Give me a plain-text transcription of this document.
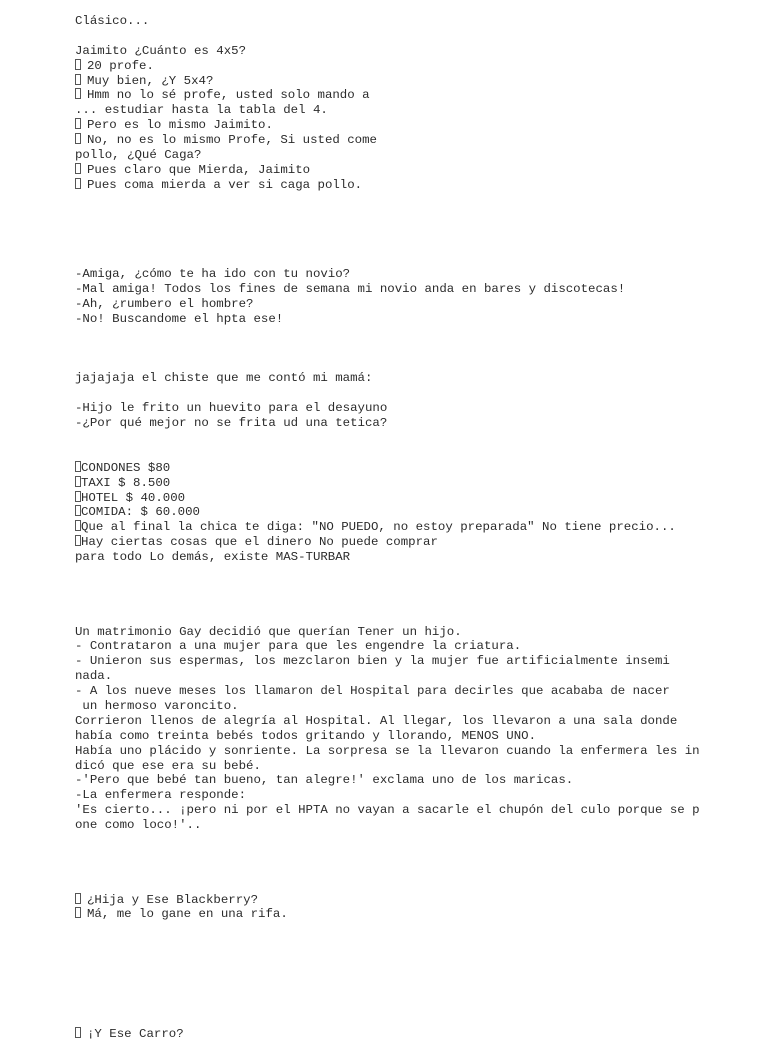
Clásico...
Jaimito ¿Cuánto es 4x5?
20 profe.
Muy bien, ¿Y 5x4?
Hmm no lo sé profe, usted solo mando a
... estudiar hasta la tabla del 4.
Pero es lo mismo Jaimito.
No, no es lo mismo Profe, Si usted come
pollo, ¿Qué Caga?
Pues claro que Mierda, Jaimito
Pues coma mierda a ver si caga pollo.
-Amiga, ¿cómo te ha ido con tu novio?
-Mal amiga! Todos los fines de semana mi novio anda en bares y discotecas!
-Ah, ¿rumbero el hombre?
-No! Buscandome el hpta ese!
jajajaja el chiste que me contó mi mamá:
-Hijo le frito un huevito para el desayuno
-¿Por qué mejor no se frita ud una tetica?
CONDONES $80
TAXI $ 8.500
HOTEL $ 40.000
COMIDA: $ 60.000
Que al final la chica te diga: "NO PUEDO, no estoy preparada" No tiene precio...
Hay ciertas cosas que el dinero No puede comprar
para todo Lo demás, existe MAS-TURBAR
Un matrimonio Gay decidió que querían Tener un hijo.
- Contrataron a una mujer para que les engendre la criatura.
- Unieron sus espermas, los mezclaron bien y la mujer fue artificialmente insemi
nada.
- A los nueve meses los llamaron del Hospital para decirles que acababa de nacer
un hermoso varoncito.
Corrieron llenos de alegría al Hospital. Al llegar, los llevaron a una sala donde
había como treinta bebés todos gritando y llorando, MENOS UNO.
Había uno plácido y sonriente. La sorpresa se la llevaron cuando la enfermera les in
dicó que ese era su bebé.
-'Pero que bebé tan bueno, tan alegre!' exclama uno de los maricas.
-La enfermera responde:
'Es cierto... ¡pero ni por el HPTA no vayan a sacarle el chupón del culo porque se p
one como loco!'..
¿Hija y Ese Blackberry?
Má, me lo gane en una rifa.
¡Y Ese Carro?
